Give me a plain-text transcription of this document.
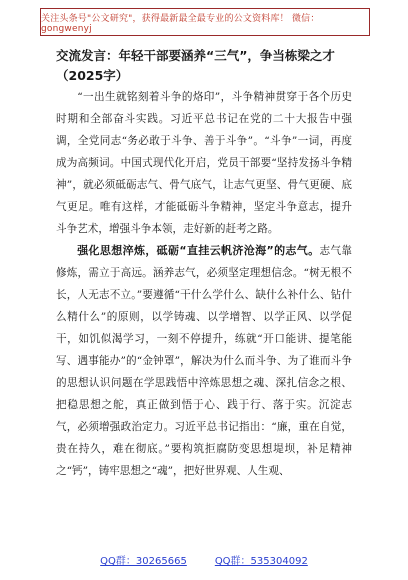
关注头条号"公文研究"，获得最新最全最专业的公文资料库！ 微信：gongwenyj
交流发言：年轻干部要涵养“三气”，争当栋梁之才
（2025字）

“一出生就铭刻着斗争的烙印”，斗争精神贯穿于各个历史时期和全部奋斗实践。习近平总书记在党的二十大报告中强调，全党同志“务必敢于斗争、善于斗争”。“斗争”一词，再度成为高频词。中国式现代化开启，党员干部要“坚持发扬斗争精神”，就必须砥砺志气、骨气底气，让志气更坚、骨气更硬、底气更足。唯有这样，才能砥砺斗争精神，坚定斗争意志，提升斗争艺术，增强斗争本领，走好新的赶考之路。

强化思想淬炼，砥砺“直挂云帆济沧海”的志气。志气靠修炼，需立于高远。涵养志气，必须坚定理想信念。“树无根不长，人无志不立。”要遵循“干什么学什么、缺什么补什么、钻什么精什么”的原则，以学铸魂、以学增智、以学正风、以学促干，如饥似渴学习，一刻不停提升，练就“开口能讲、提笔能写、遇事能办”的“金钟罩”，解决为什么而斗争、为了谁而斗争的思想认识问题在学思践悟中淬炼思想之魂、深扎信念之根、把稳思想之舵，真正做到悟于心、践于行、落于实。沉淀志气，必须增强政治定力。习近平总书记指出：“廉，重在自觉，贵在持久，难在彻底。”要构筑拒腐防变思想堤坝，补足精神之“钙”，铸牢思想之“魂”，把好世界观、人生观、

QQ群：30265665	QQ群：535304092
